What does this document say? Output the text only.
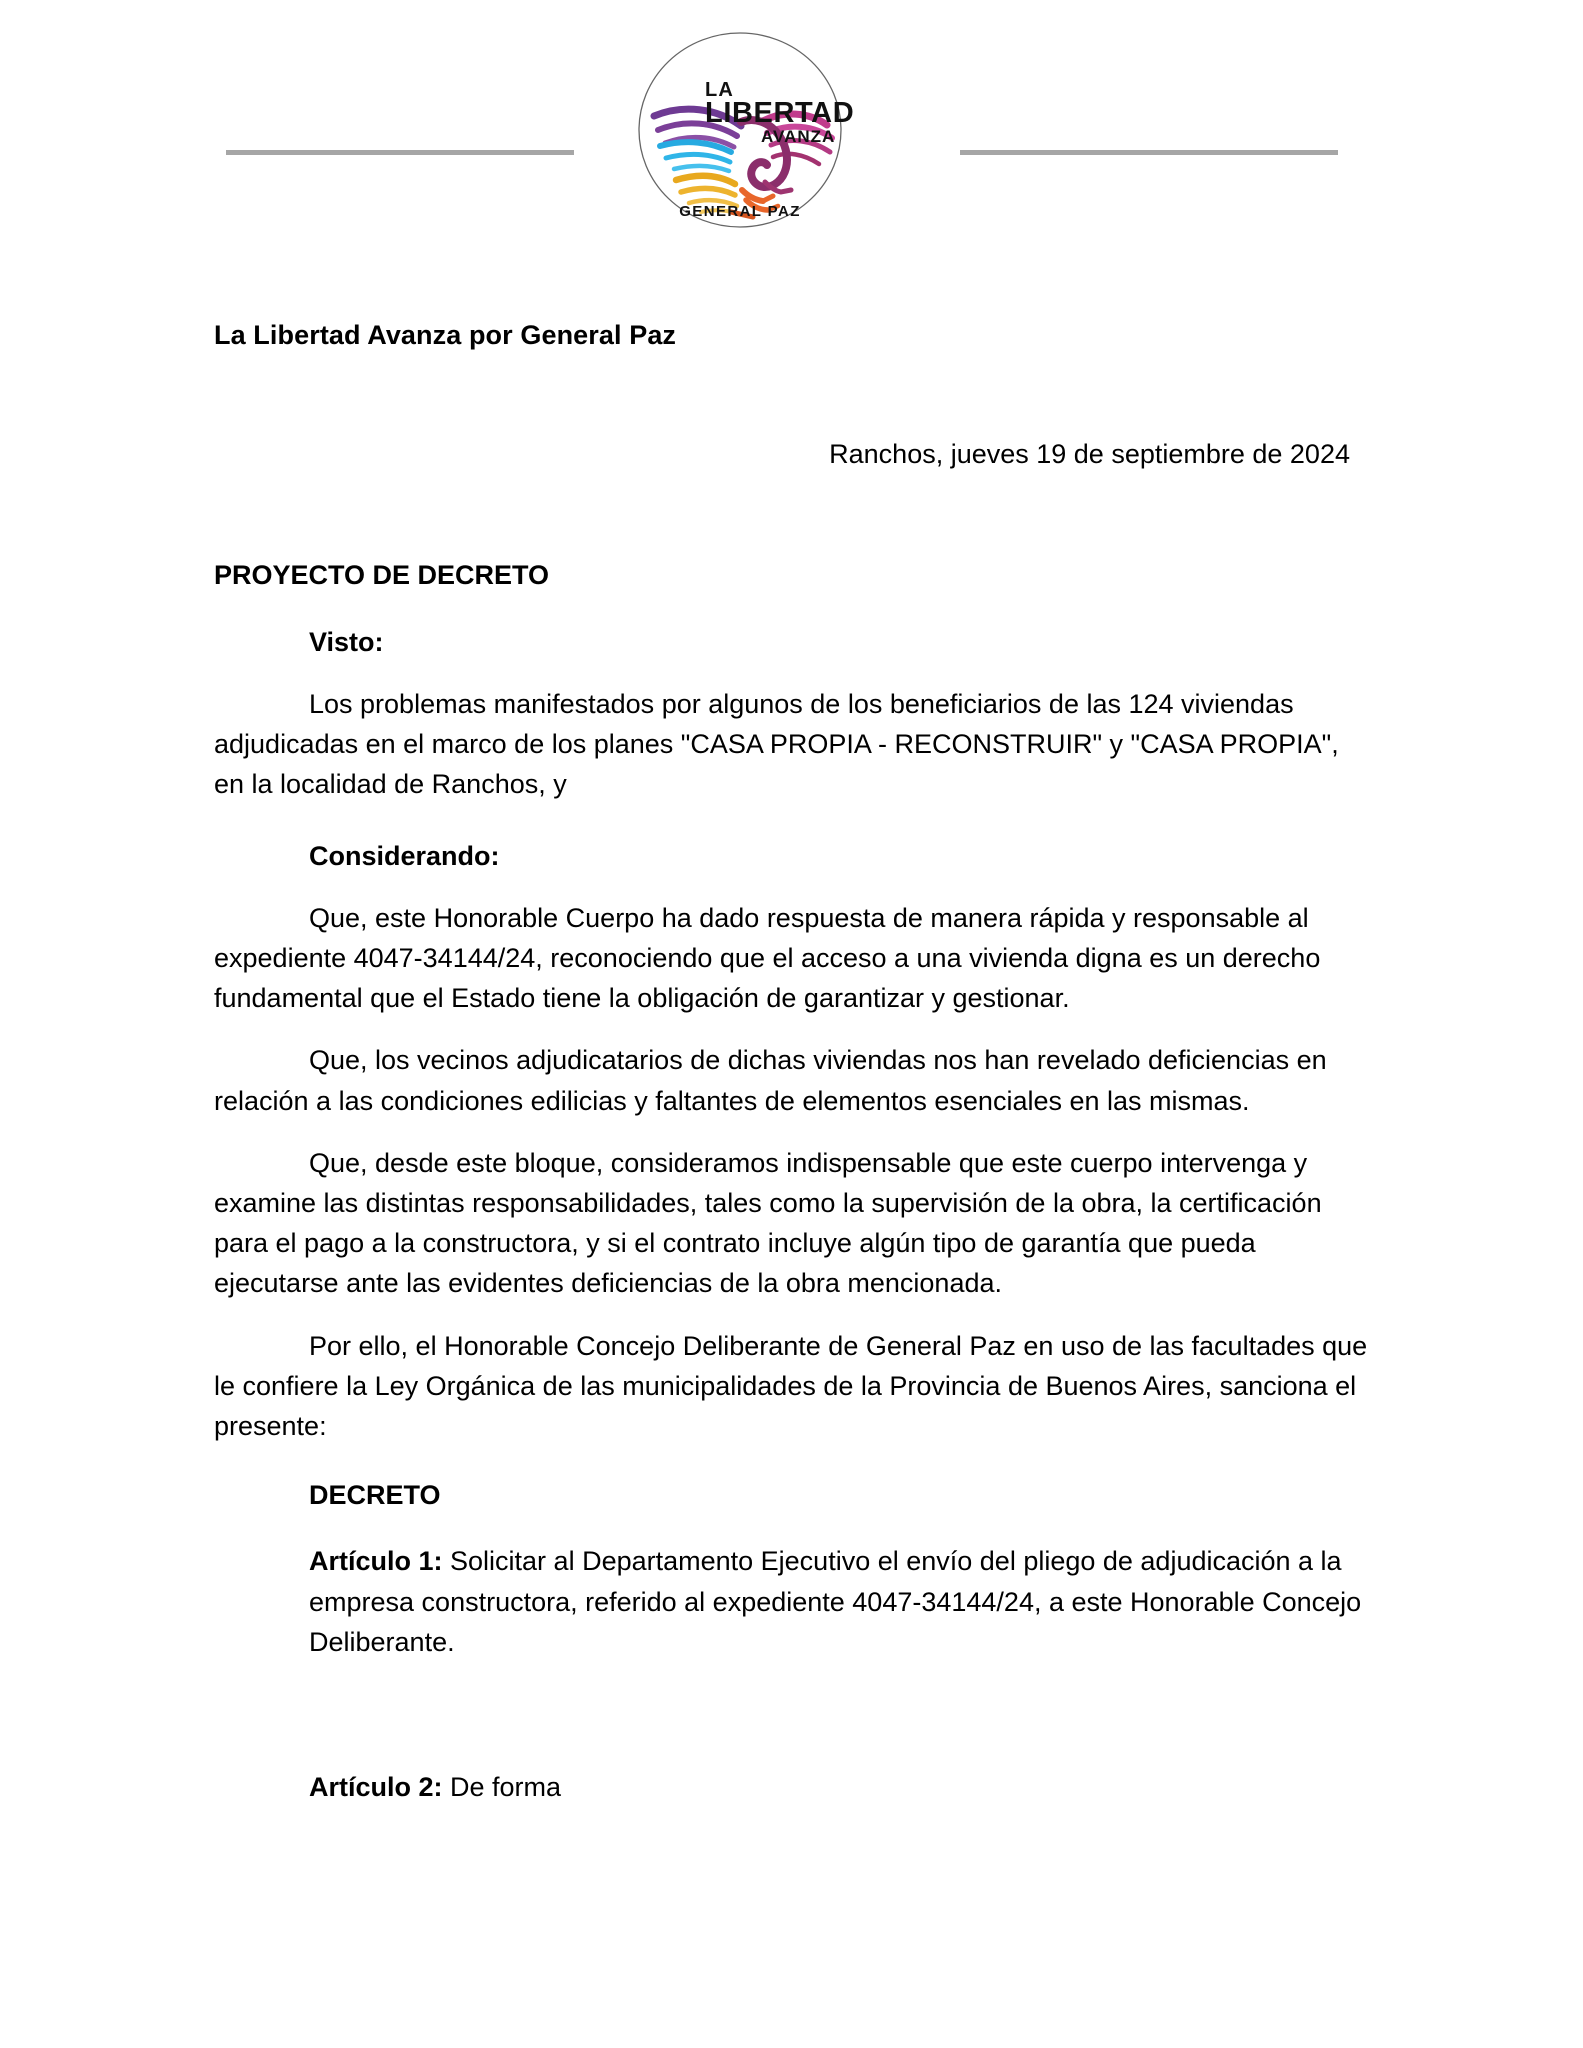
LA
LIBERTAD
AVANZA
GENERAL PAZ
La Libertad Avanza por General Paz
Ranchos, jueves 19 de septiembre de 2024
PROYECTO DE DECRETO
Visto:

Los problemas manifestados por algunos de los beneficiarios de las 124 viviendas adjudicadas en el marco de los planes "CASA PROPIA - RECONSTRUIR" y "CASA PROPIA", en la localidad de Ranchos, y

Considerando:

Que, este Honorable Cuerpo ha dado respuesta de manera rápida y responsable al expediente 4047-34144/24, reconociendo que el acceso a una vivienda digna es un derecho fundamental que el Estado tiene la obligación de garantizar y gestionar.

Que, los vecinos adjudicatarios de dichas viviendas nos han revelado deficiencias en relación a las condiciones edilicias y faltantes de elementos esenciales en las mismas.

Que, desde este bloque, consideramos indispensable que este cuerpo intervenga y examine las distintas responsabilidades, tales como la supervisión de la obra, la certificación para el pago a la constructora, y si el contrato incluye algún tipo de garantía que pueda ejecutarse ante las evidentes deficiencias de la obra mencionada.

Por ello, el Honorable Concejo Deliberante de General Paz en uso de las facultades que le confiere la Ley Orgánica de las municipalidades de la Provincia de Buenos Aires, sanciona el presente:

DECRETO

Artículo 1: Solicitar al Departamento Ejecutivo el envío del pliego de adjudicación a la empresa constructora, referido al expediente 4047-34144/24, a este Honorable Concejo Deliberante.

Artículo 2: De forma
